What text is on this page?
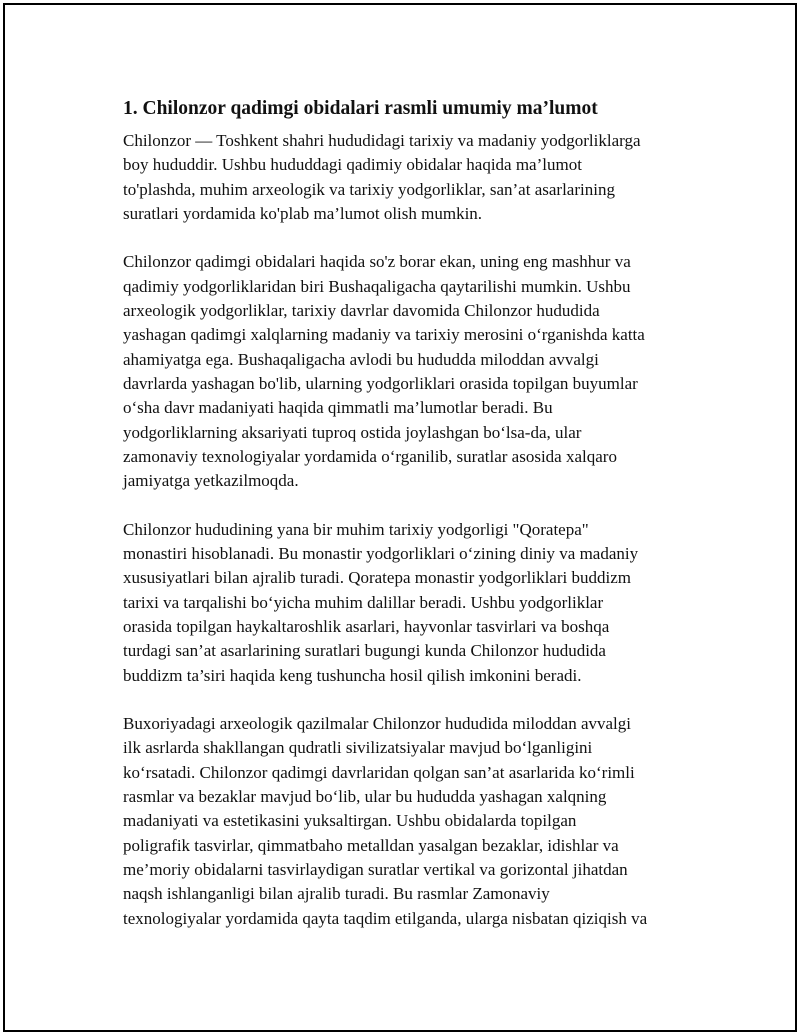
1. Chilonzor qadimgi obidalari rasmli umumiy ma’lumot

Chilonzor — Toshkent shahri hududidagi tarixiy va madaniy yodgorliklarga
boy hududdir. Ushbu hududdagi qadimiy obidalar haqida ma’lumot
to'plashda, muhim arxeologik va tarixiy yodgorliklar, san’at asarlarining
suratlari yordamida ko'plab ma’lumot olish mumkin.

Chilonzor qadimgi obidalari haqida so'z borar ekan, uning eng mashhur va
qadimiy yodgorliklaridan biri Bushaqaligacha qaytarilishi mumkin. Ushbu
arxeologik yodgorliklar, tarixiy davrlar davomida Chilonzor hududida
yashagan qadimgi xalqlarning madaniy va tarixiy merosini o‘rganishda katta
ahamiyatga ega. Bushaqaligacha avlodi bu hududda miloddan avvalgi
davrlarda yashagan bo'lib, ularning yodgorliklari orasida topilgan buyumlar
o‘sha davr madaniyati haqida qimmatli ma’lumotlar beradi. Bu
yodgorliklarning aksariyati tuproq ostida joylashgan bo‘lsa-da, ular
zamonaviy texnologiyalar yordamida o‘rganilib, suratlar asosida xalqaro
jamiyatga yetkazilmoqda.

Chilonzor hududining yana bir muhim tarixiy yodgorligi "Qoratepa"
monastiri hisoblanadi. Bu monastir yodgorliklari o‘zining diniy va madaniy
xususiyatlari bilan ajralib turadi. Qoratepa monastir yodgorliklari buddizm
tarixi va tarqalishi bo‘yicha muhim dalillar beradi. Ushbu yodgorliklar
orasida topilgan haykaltaroshlik asarlari, hayvonlar tasvirlari va boshqa
turdagi san’at asarlarining suratlari bugungi kunda Chilonzor hududida
buddizm ta’siri haqida keng tushuncha hosil qilish imkonini beradi.

Buxoriyadagi arxeologik qazilmalar Chilonzor hududida miloddan avvalgi
ilk asrlarda shakllangan qudratli sivilizatsiyalar mavjud bo‘lganligini
ko‘rsatadi. Chilonzor qadimgi davrlaridan qolgan san’at asarlarida ko‘rimli
rasmlar va bezaklar mavjud bo‘lib, ular bu hududda yashagan xalqning
madaniyati va estetikasini yuksaltirgan. Ushbu obidalarda topilgan
poligrafik tasvirlar, qimmatbaho metalldan yasalgan bezaklar, idishlar va
me’moriy obidalarni tasvirlaydigan suratlar vertikal va gorizontal jihatdan
naqsh ishlanganligi bilan ajralib turadi. Bu rasmlar Zamonaviy
texnologiyalar yordamida qayta taqdim etilganda, ularga nisbatan qiziqish va
